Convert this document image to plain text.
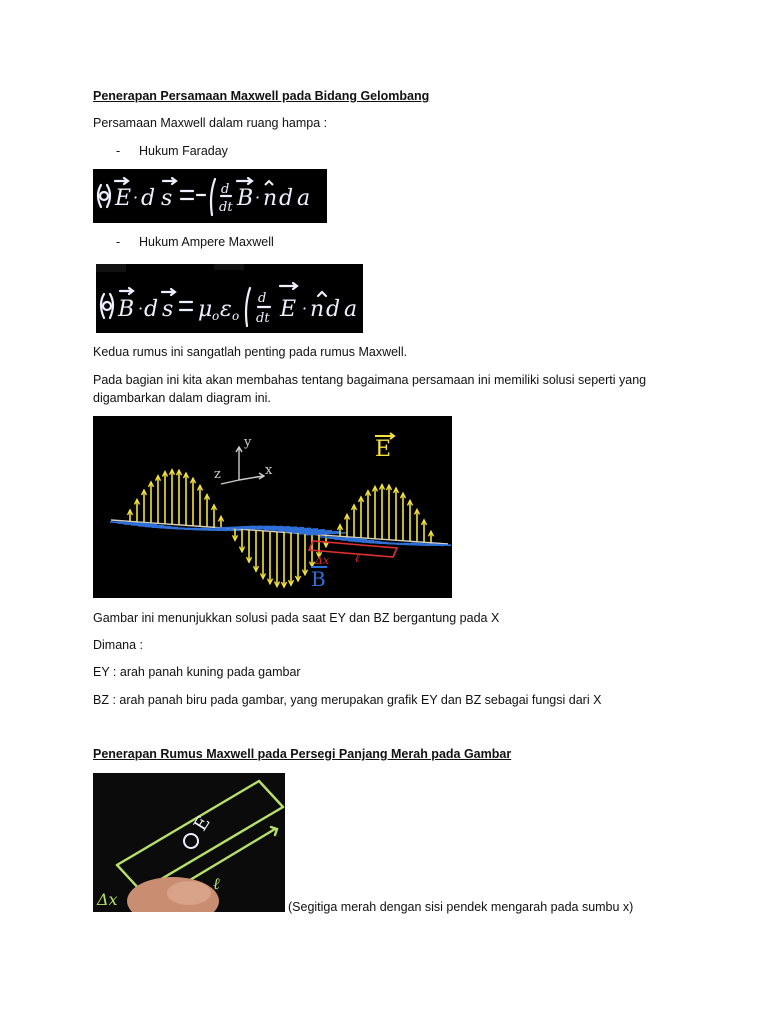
Penerapan Persamaan Maxwell pada Bidang Gelombang
Persamaan Maxwell dalam ruang hampa :
- Hukum Faraday
E · d s	d
dt B · n d a
- Hukum Ampere Maxwell
B · d s μ o ε o
d
dt E · n d a
Kedua rumus ini sangatlah penting pada rumus Maxwell.
Pada bagian ini kita akan membahas tentang bagaimana persamaan ini memiliki solusi seperti yang
digambarkan dalam diagram ini.
y
x
z
E
B
Δx ℓ
Gambar ini menunjukkan solusi pada saat EY dan BZ bergantung pada X
Dimana :
EY : arah panah kuning pada gambar
BZ : arah panah biru pada gambar, yang merupakan grafik EY dan BZ sebagai fungsi dari X
Penerapan Rumus Maxwell pada Persegi Panjang Merah pada Gambar
ℓ
Δx
E
(Segitiga merah dengan sisi pendek mengarah pada sumbu x)
